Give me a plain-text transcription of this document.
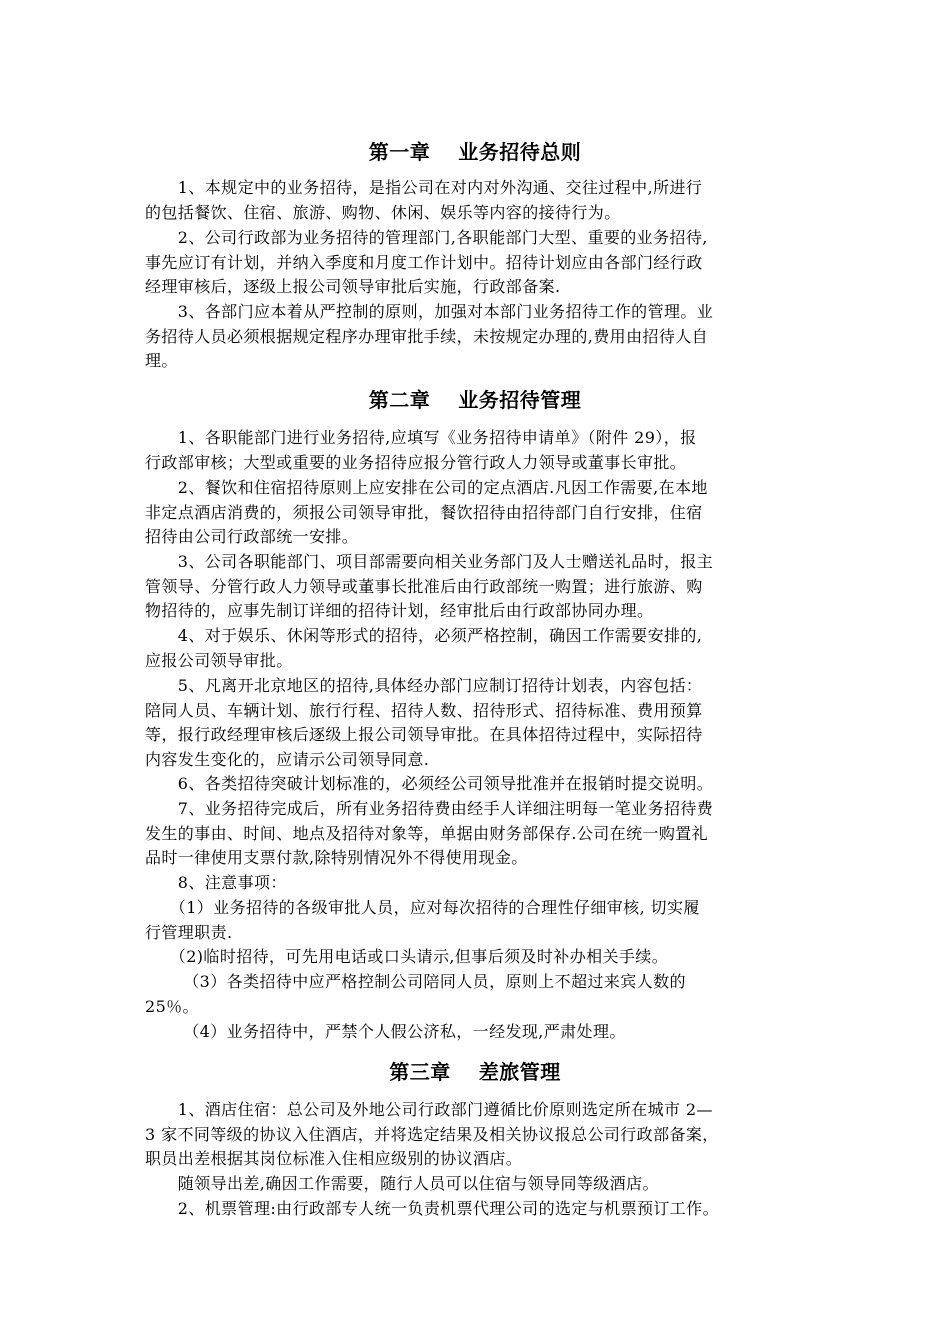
第一章　 业务招待总则
　　1、本规定中的业务招待，是指公司在对内对外沟通、交往过程中,所进行
的包括餐饮、住宿、旅游、购物、休闲、娱乐等内容的接待行为。
　　2、公司行政部为业务招待的管理部门,各职能部门大型、重要的业务招待,
事先应订有计划，并纳入季度和月度工作计划中。招待计划应由各部门经行政
经理审核后，逐级上报公司领导审批后实施，行政部备案.
　　3、各部门应本着从严控制的原则，加强对本部门业务招待工作的管理。业
务招待人员必须根据规定程序办理审批手续，未按规定办理的,费用由招待人自
理。
第二章　 业务招待管理
　　1、各职能部门进行业务招待,应填写《业务招待申请单》（附件 29），报
行政部审核；大型或重要的业务招待应报分管行政人力领导或董事长审批。
　　2、餐饮和住宿招待原则上应安排在公司的定点酒店.凡因工作需要,在本地
非定点酒店消费的，须报公司领导审批，餐饮招待由招待部门自行安排，住宿
招待由公司行政部统一安排。
　　3、公司各职能部门、项目部需要向相关业务部门及人士赠送礼品时，报主
管领导、分管行政人力领导或董事长批准后由行政部统一购置；进行旅游、购
物招待的，应事先制订详细的招待计划，经审批后由行政部协同办理。
　　4、对于娱乐、休闲等形式的招待，必须严格控制，确因工作需要安排的,
应报公司领导审批。
　　5、凡离开北京地区的招待,具体经办部门应制订招待计划表，内容包括：
陪同人员、车辆计划、旅行行程、招待人数、招待形式、招待标准、费用预算
等，报行政经理审核后逐级上报公司领导审批。在具体招待过程中，实际招待
内容发生变化的，应请示公司领导同意.
　　6、各类招待突破计划标准的，必须经公司领导批准并在报销时提交说明。
　　7、业务招待完成后，所有业务招待费由经手人详细注明每一笔业务招待费
发生的事由、时间、地点及招待对象等，单据由财务部保存.公司在统一购置礼
品时一律使用支票付款,除特别情况外不得使用现金。
　　8、注意事项：
　　（1）业务招待的各级审批人员，应对每次招待的合理性仔细审核, 切实履
行管理职责.
　　（2)临时招待，可先用电话或口头请示,但事后须及时补办相关手续。
　　 （3）各类招待中应严格控制公司陪同人员，原则上不超过来宾人数的
25％。
　　 （4）业务招待中，严禁个人假公济私，一经发现,严肃处理。
第三章　 差旅管理
　　1、酒店住宿：总公司及外地公司行政部门遵循比价原则选定所在城市 2—
3 家不同等级的协议入住酒店，并将选定结果及相关协议报总公司行政部备案，
职员出差根据其岗位标准入住相应级别的协议酒店。
　　随领导出差,确因工作需要，随行人员可以住宿与领导同等级酒店。
　　2、机票管理:由行政部专人统一负责机票代理公司的选定与机票预订工作。
